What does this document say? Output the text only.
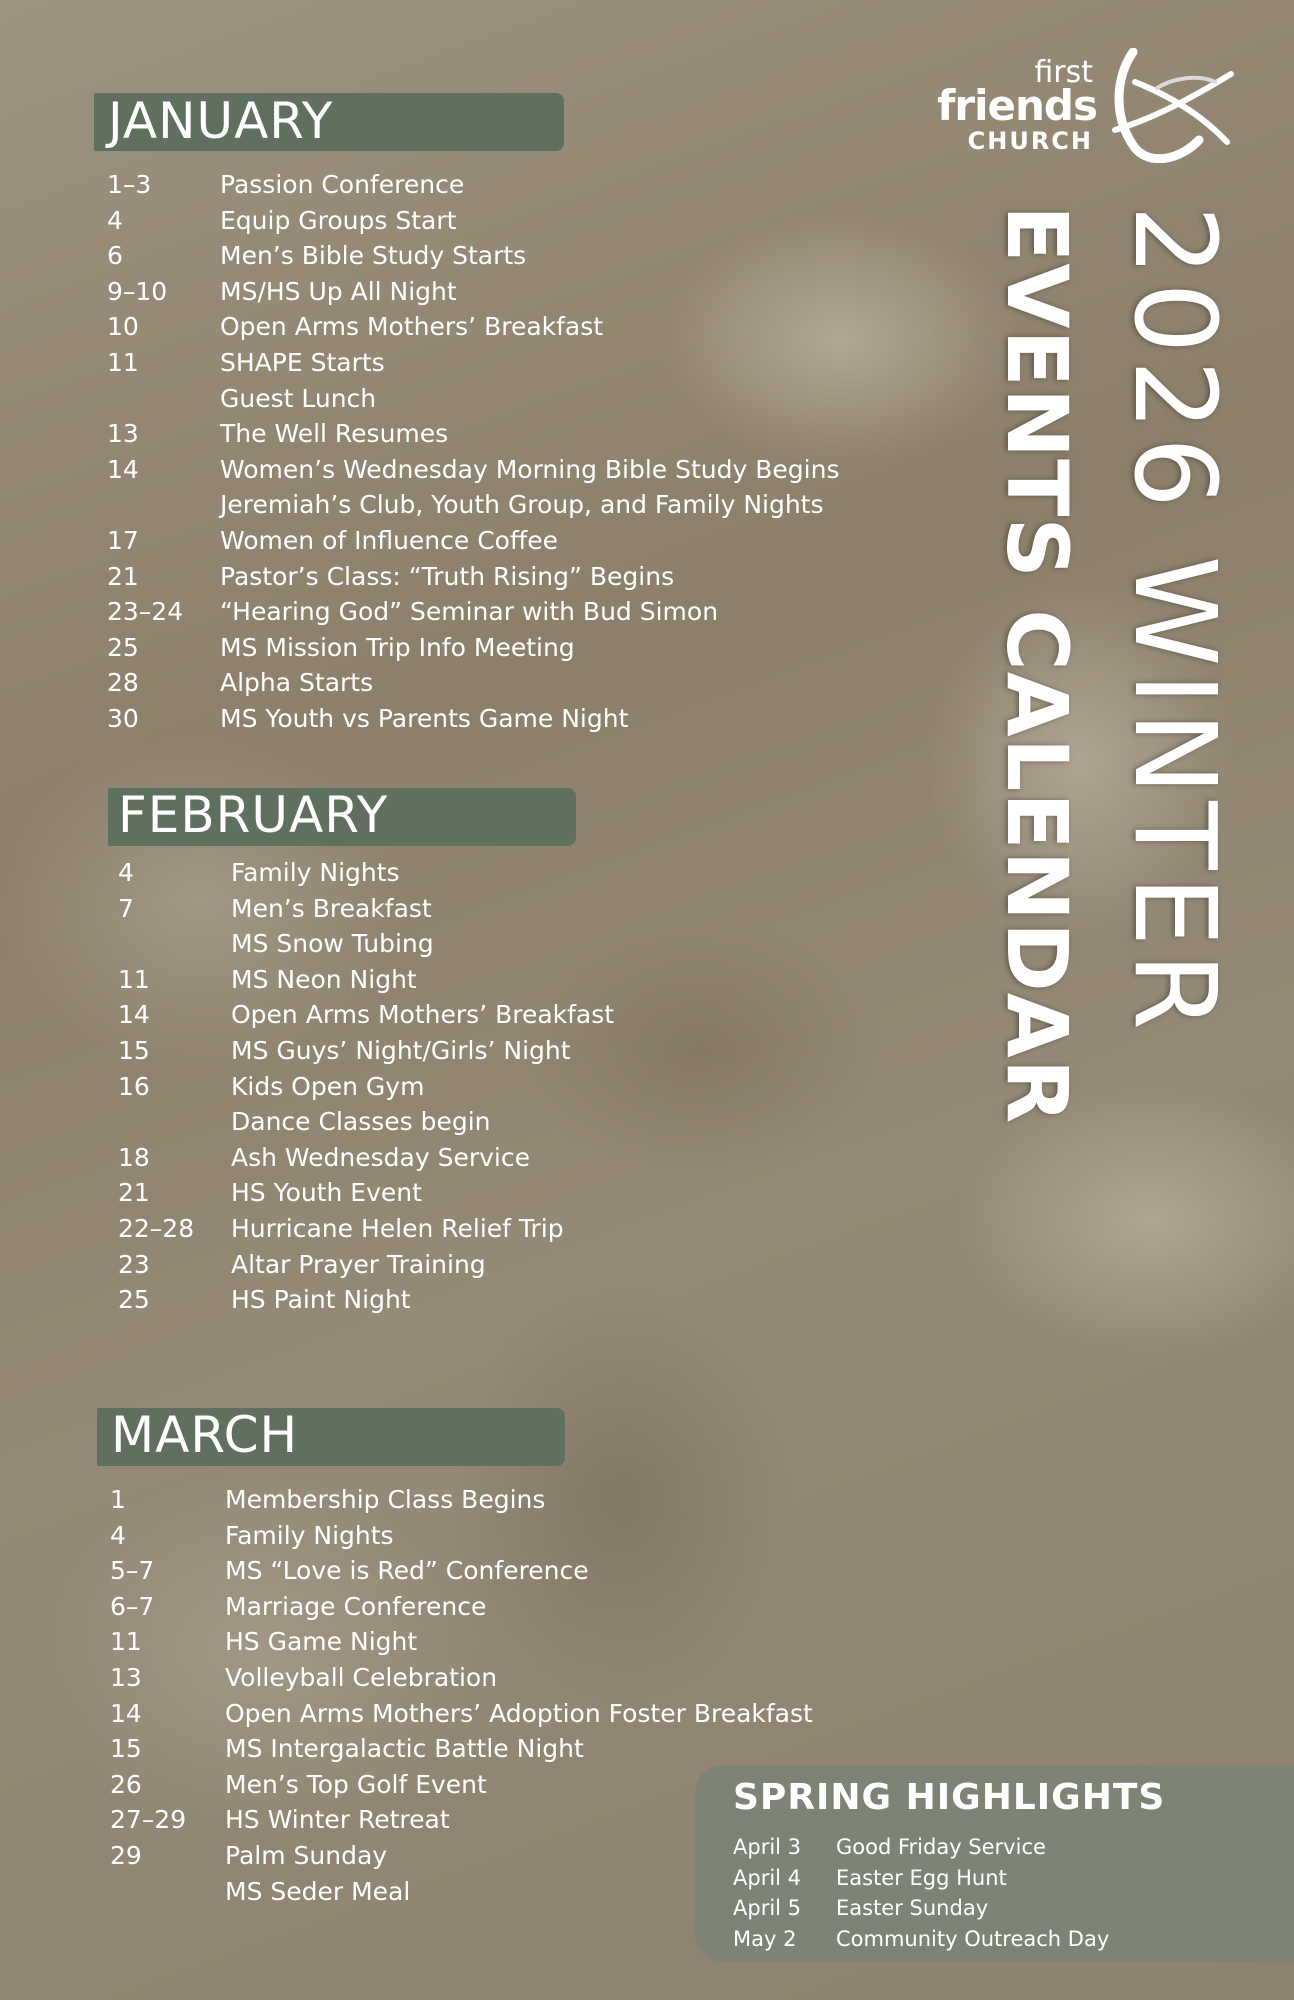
first
friends
CHURCH
2026 WINTER
EVENTS CALENDAR
JANUARY
1–3	Passion Conference
4	Equip Groups Start
6	Men’s Bible Study Starts
9–10 MS/HS Up All Night
10	Open Arms Mothers’ Breakfast
11	SHAPE Starts
Guest Lunch
13	The Well Resumes
14	Women’s Wednesday Morning Bible Study Begins
Jeremiah’s Club, Youth Group, and Family Nights
17	Women of Influence Coffee
21	Pastor’s Class: “Truth Rising” Begins
23–24 “Hearing God” Seminar with Bud Simon
25	MS Mission Trip Info Meeting
28	Alpha Starts
30	MS Youth vs Parents Game Night
FEBRUARY
4	Family Nights
7	Men’s Breakfast
MS Snow Tubing
11	MS Neon Night
14	Open Arms Mothers’ Breakfast
15	MS Guys’ Night/Girls’ Night
16	Kids Open Gym
Dance Classes begin
18	Ash Wednesday Service
21	HS Youth Event
22–28 Hurricane Helen Relief Trip
23	Altar Prayer Training
25	HS Paint Night
MARCH
1	Membership Class Begins
4	Family Nights
5–7	MS “Love is Red” Conference
6–7	Marriage Conference
11	HS Game Night
13	Volleyball Celebration
14	Open Arms Mothers’ Adoption Foster Breakfast
15	MS Intergalactic Battle Night
26	Men’s Top Golf Event
27–29 HS Winter Retreat
29	Palm Sunday
MS Seder Meal
SPRING HIGHLIGHTS
April 3 Good Friday Service
April 4 Easter Egg Hunt
April 5 Easter Sunday
May 2 Community Outreach Day
